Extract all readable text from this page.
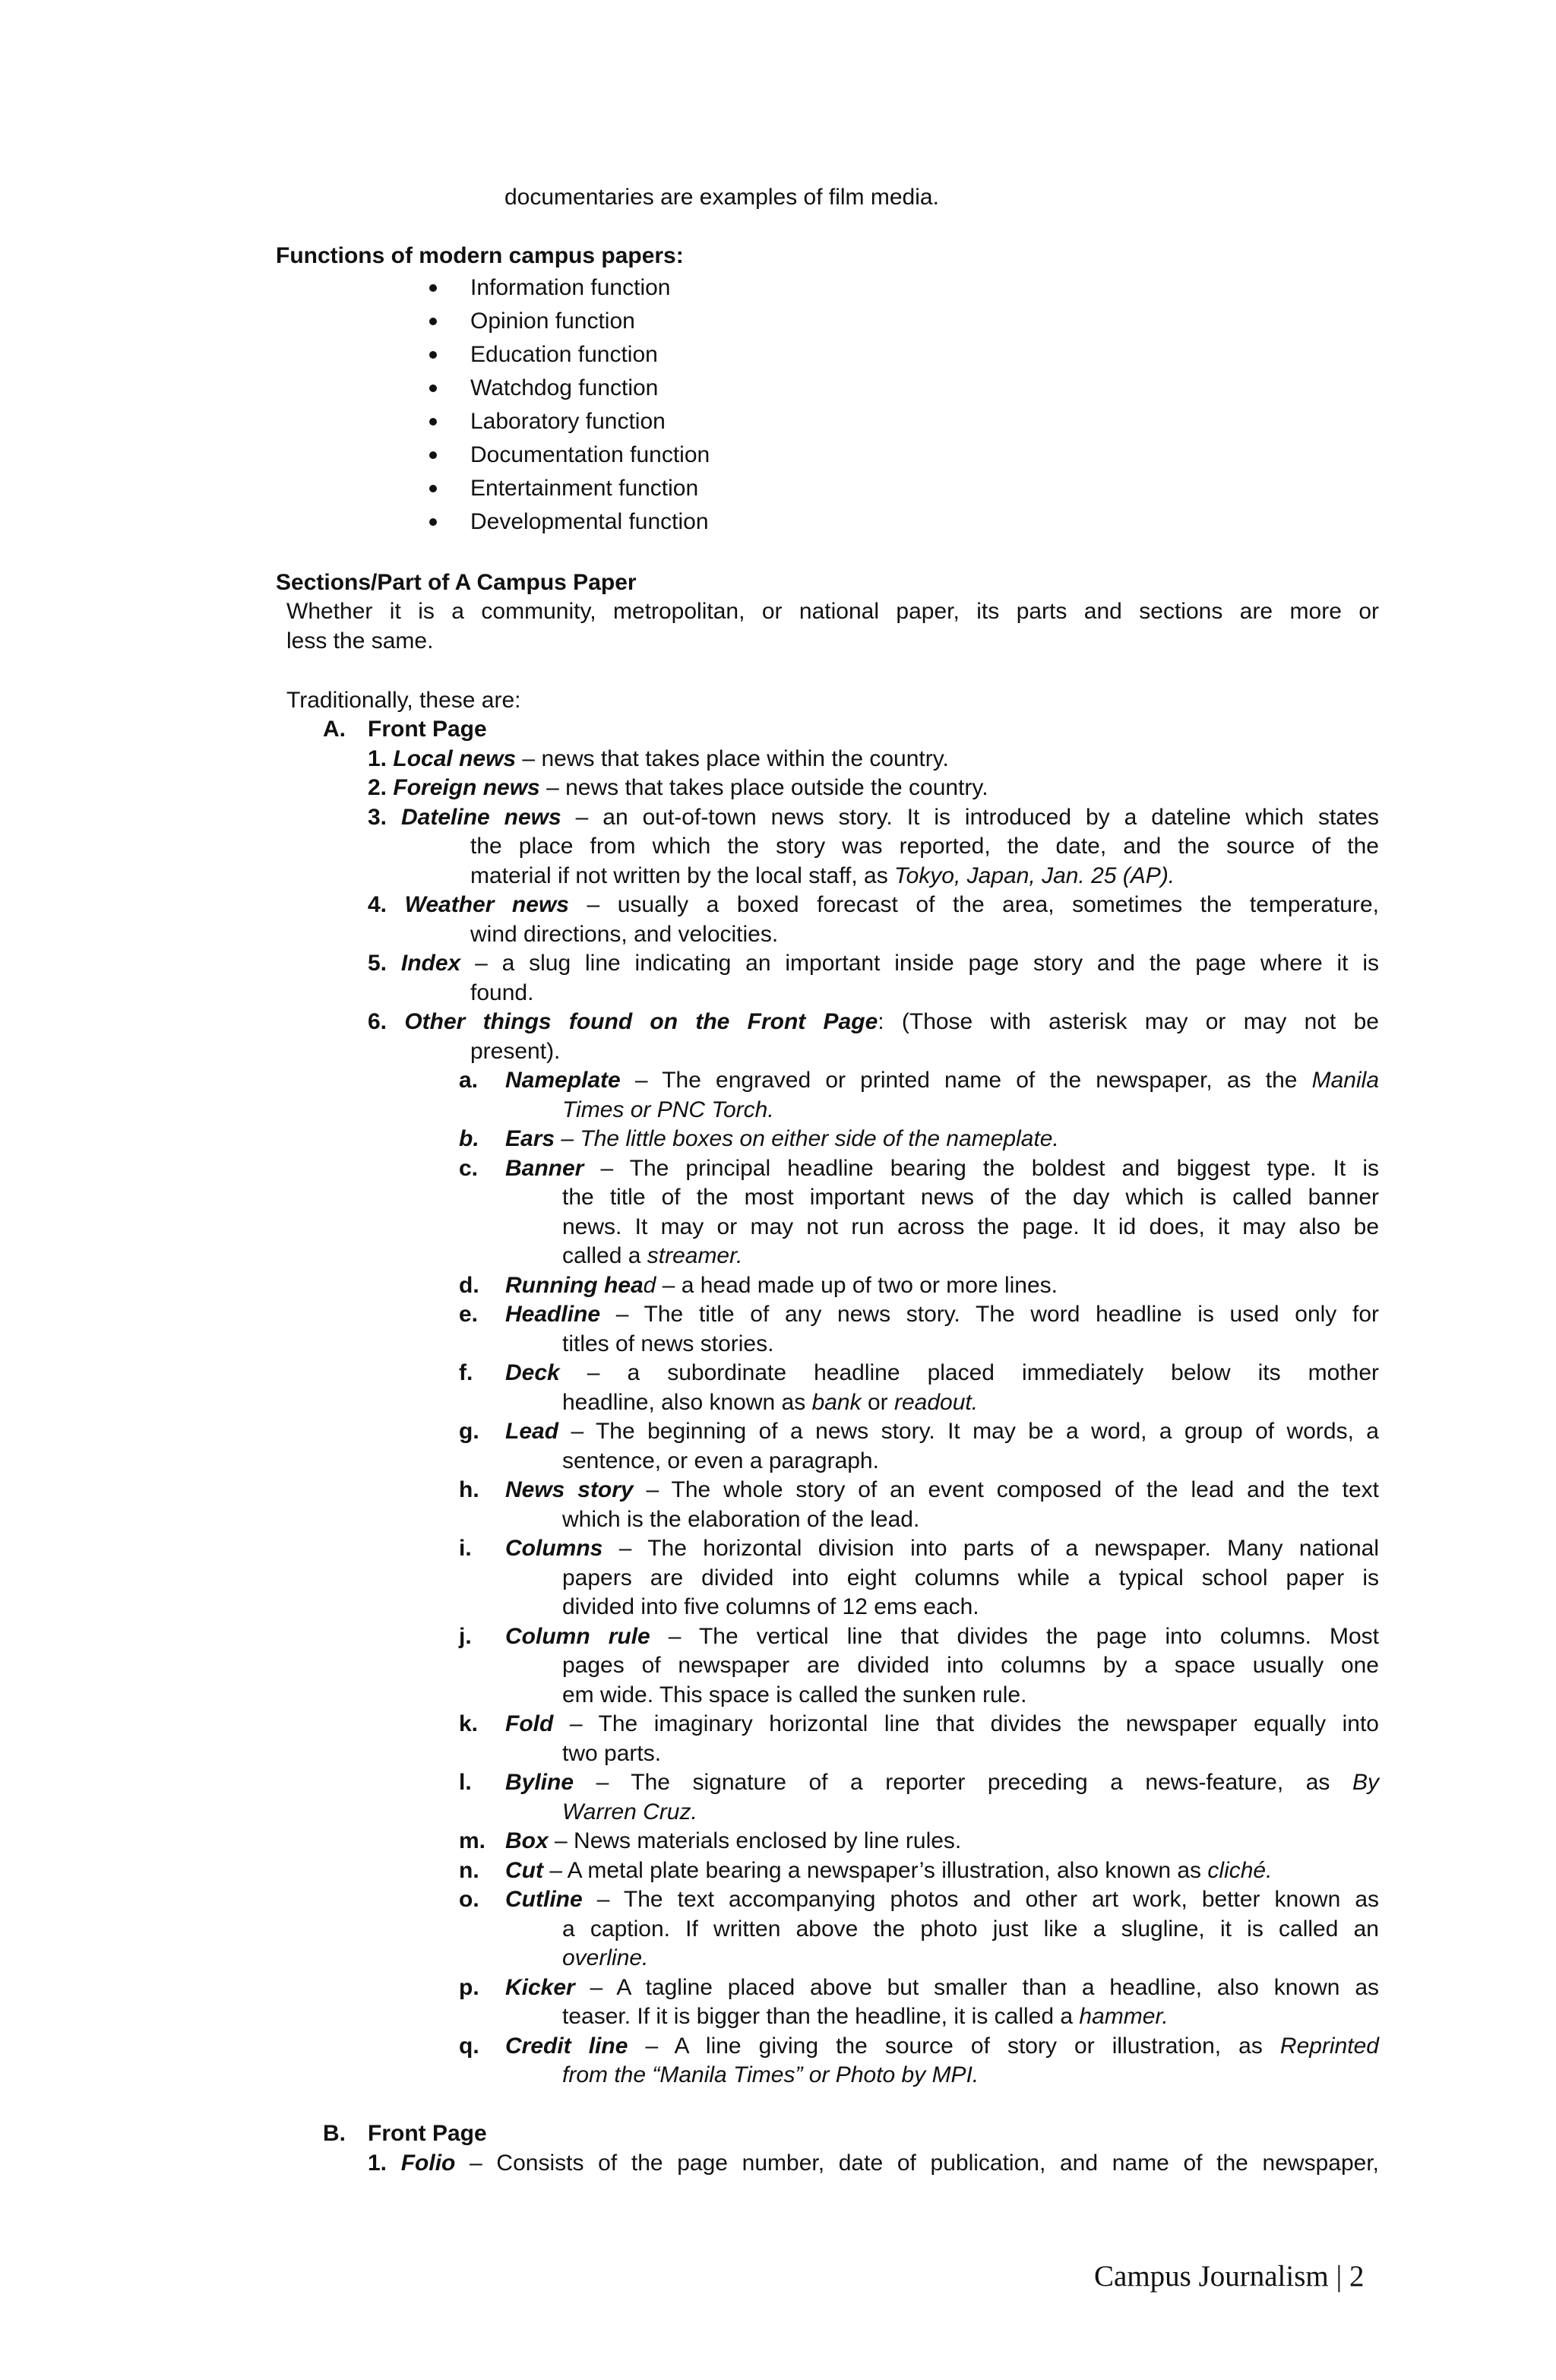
documentaries are examples of film media.
Functions of modern campus papers:
Information function
Opinion function
Education function
Watchdog function
Laboratory function
Documentation function
Entertainment function
Developmental function
Sections/Part of A Campus Paper
Whether it is a community, metropolitan, or national paper, its parts and sections are more or
less the same.
Traditionally, these are:
A. Front Page
1. Local news – news that takes place within the country.
2. Foreign news – news that takes place outside the country.
3. Dateline news – an out-of-town news story. It is introduced by a dateline which states
the place from which the story was reported, the date, and the source of the
material if not written by the local staff, as Tokyo, Japan, Jan. 25 (AP).
4. Weather news – usually a boxed forecast of the area, sometimes the temperature,
wind directions, and velocities.
5. Index – a slug line indicating an important inside page story and the page where it is
found.
6. Other things found on the Front Page: (Those with asterisk may or may not be
present).
a. Nameplate – The engraved or printed name of the newspaper, as the Manila
Times or PNC Torch.
b. Ears – The little boxes on either side of the nameplate.
c. Banner – The principal headline bearing the boldest and biggest type. It is
the title of the most important news of the day which is called banner
news. It may or may not run across the page. It id does, it may also be
called a streamer.
d. Running head – a head made up of two or more lines.
e. Headline – The title of any news story. The word headline is used only for
titles of news stories.
f. Deck – a subordinate headline placed immediately below its mother
headline, also known as bank or readout.
g. Lead – The beginning of a news story. It may be a word, a group of words, a
sentence, or even a paragraph.
h. News story – The whole story of an event composed of the lead and the text
which is the elaboration of the lead.
i. Columns – The horizontal division into parts of a newspaper. Many national
papers are divided into eight columns while a typical school paper is
divided into five columns of 12 ems each.
j. Column rule – The vertical line that divides the page into columns. Most
pages of newspaper are divided into columns by a space usually one
em wide. This space is called the sunken rule.
k. Fold – The imaginary horizontal line that divides the newspaper equally into
two parts.
l. Byline – The signature of a reporter preceding a news-feature, as By
Warren Cruz.
m. Box – News materials enclosed by line rules.
n. Cut – A metal plate bearing a newspaper’s illustration, also known as cliché.
o. Cutline – The text accompanying photos and other art work, better known as
a caption. If written above the photo just like a slugline, it is called an
overline.
p. Kicker – A tagline placed above but smaller than a headline, also known as
teaser. If it is bigger than the headline, it is called a hammer.
q. Credit line – A line giving the source of story or illustration, as Reprinted
from the “Manila Times” or Photo by MPI.
B. Front Page
1. Folio – Consists of the page number, date of publication, and name of the newspaper,
Campus Journalism | 2
